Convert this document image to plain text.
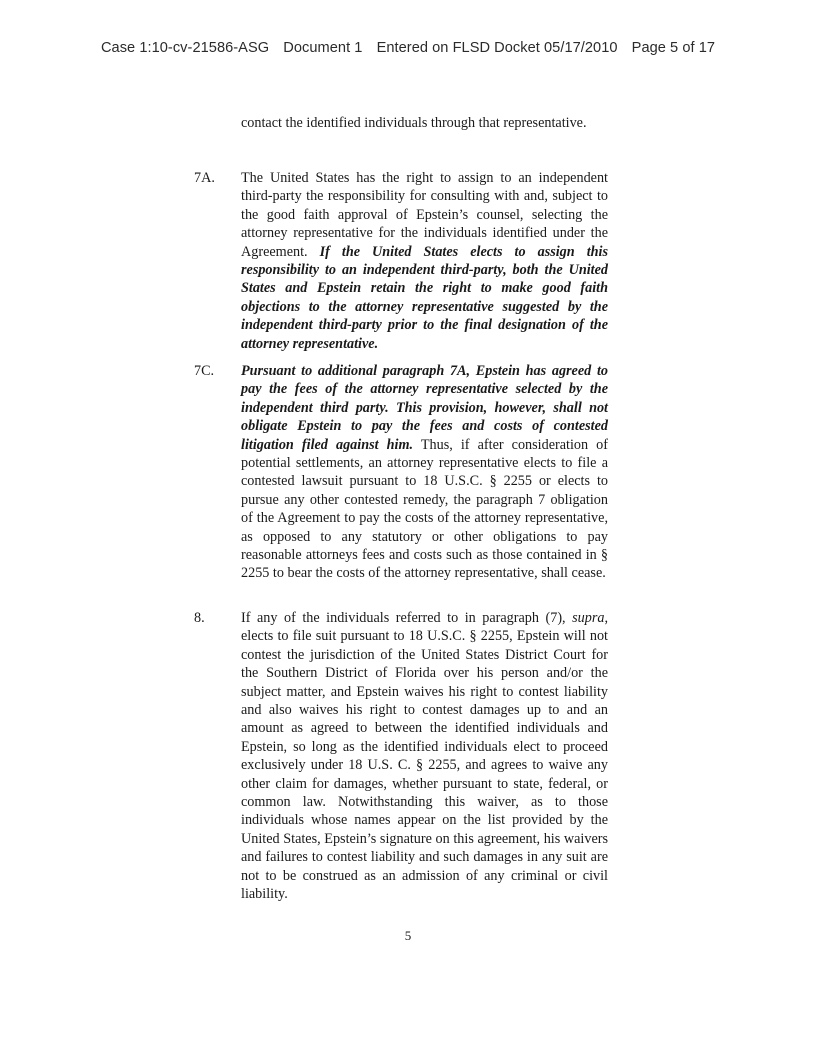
Case 1:10-cv-21586-ASG Document 1 Entered on FLSD Docket 05/17/2010 Page 5 of 17
contact the identified individuals through that representative.
7A. The United States has the right to assign to an independent third-party the responsibility for consulting with and, subject to the good faith approval of Epstein’s counsel, selecting the attorney representative for the individuals identified under the Agreement. If the United States elects to assign this responsibility to an independent third-party, both the United States and Epstein retain the right to make good faith objections to the attorney representative suggested by the independent third-party prior to the final designation of the attorney representative.
7C. Pursuant to additional paragraph 7A, Epstein has agreed to pay the fees of the attorney representative selected by the independent third party. This provision, however, shall not obligate Epstein to pay the fees and costs of contested litigation filed against him. Thus, if after consideration of potential settlements, an attorney representative elects to file a contested lawsuit pursuant to 18 U.S.C. § 2255 or elects to pursue any other contested remedy, the paragraph 7 obligation of the Agreement to pay the costs of the attorney representative, as opposed to any statutory or other obligations to pay reasonable attorneys fees and costs such as those contained in § 2255 to bear the costs of the attorney representative, shall cease.
8.	If any of the individuals referred to in paragraph (7), supra, elects to file suit pursuant to 18 U.S.C. § 2255, Epstein will not contest the jurisdiction of the United States District Court for the Southern District of Florida over his person and/or the subject matter, and Epstein waives his right to contest liability and also waives his right to contest damages up to and an amount as agreed to between the identified individuals and Epstein, so long as the identified individuals elect to proceed exclusively under 18 U.S. C. § 2255, and agrees to waive any other claim for damages, whether pursuant to state, federal, or common law. Notwithstanding this waiver, as to those individuals whose names appear on the list provided by the United States, Epstein’s signature on this agreement, his waivers and failures to contest liability and such damages in any suit are not to be construed as an admission of any criminal or civil liability.
5
